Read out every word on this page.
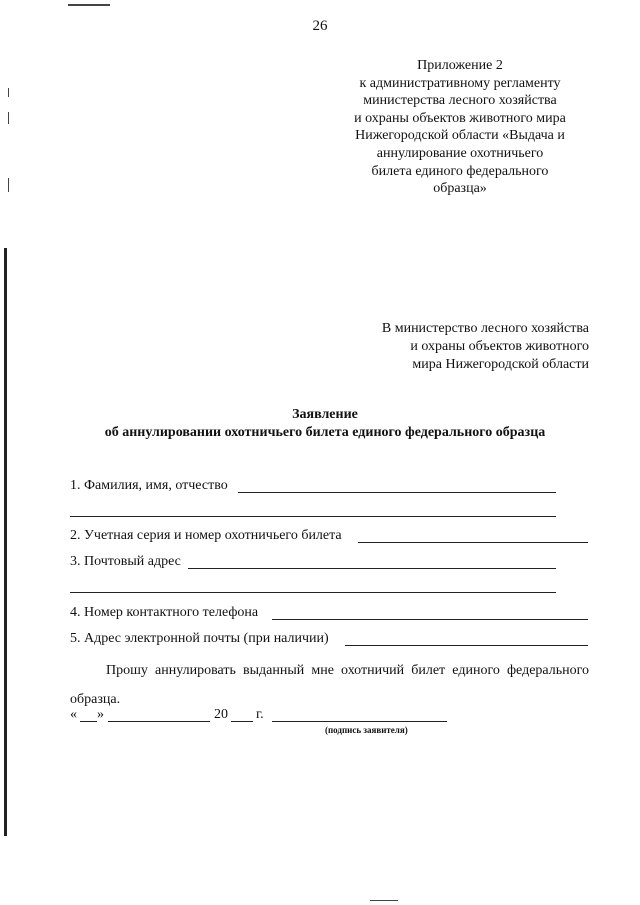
26
Приложение 2
к административному регламенту
министерства лесного хозяйства
и охраны объектов животного мира
Нижегородской области «Выдача и
аннулирование охотничьего
билета единого федерального
образца»
В министерство лесного хозяйства
и охраны объектов животного
мира Нижегородской области
Заявление
об аннулировании охотничьего билета единого федерального образца
1. Фамилия, имя, отчество
2. Учетная серия и номер охотничьего билета
3. Почтовый адрес
4. Номер контактного телефона
5. Адрес электронной почты (при наличии)
Прошу аннулировать выданный мне охотничий билет единого федерального образца.
« »	20 г.
(подпись заявителя)
